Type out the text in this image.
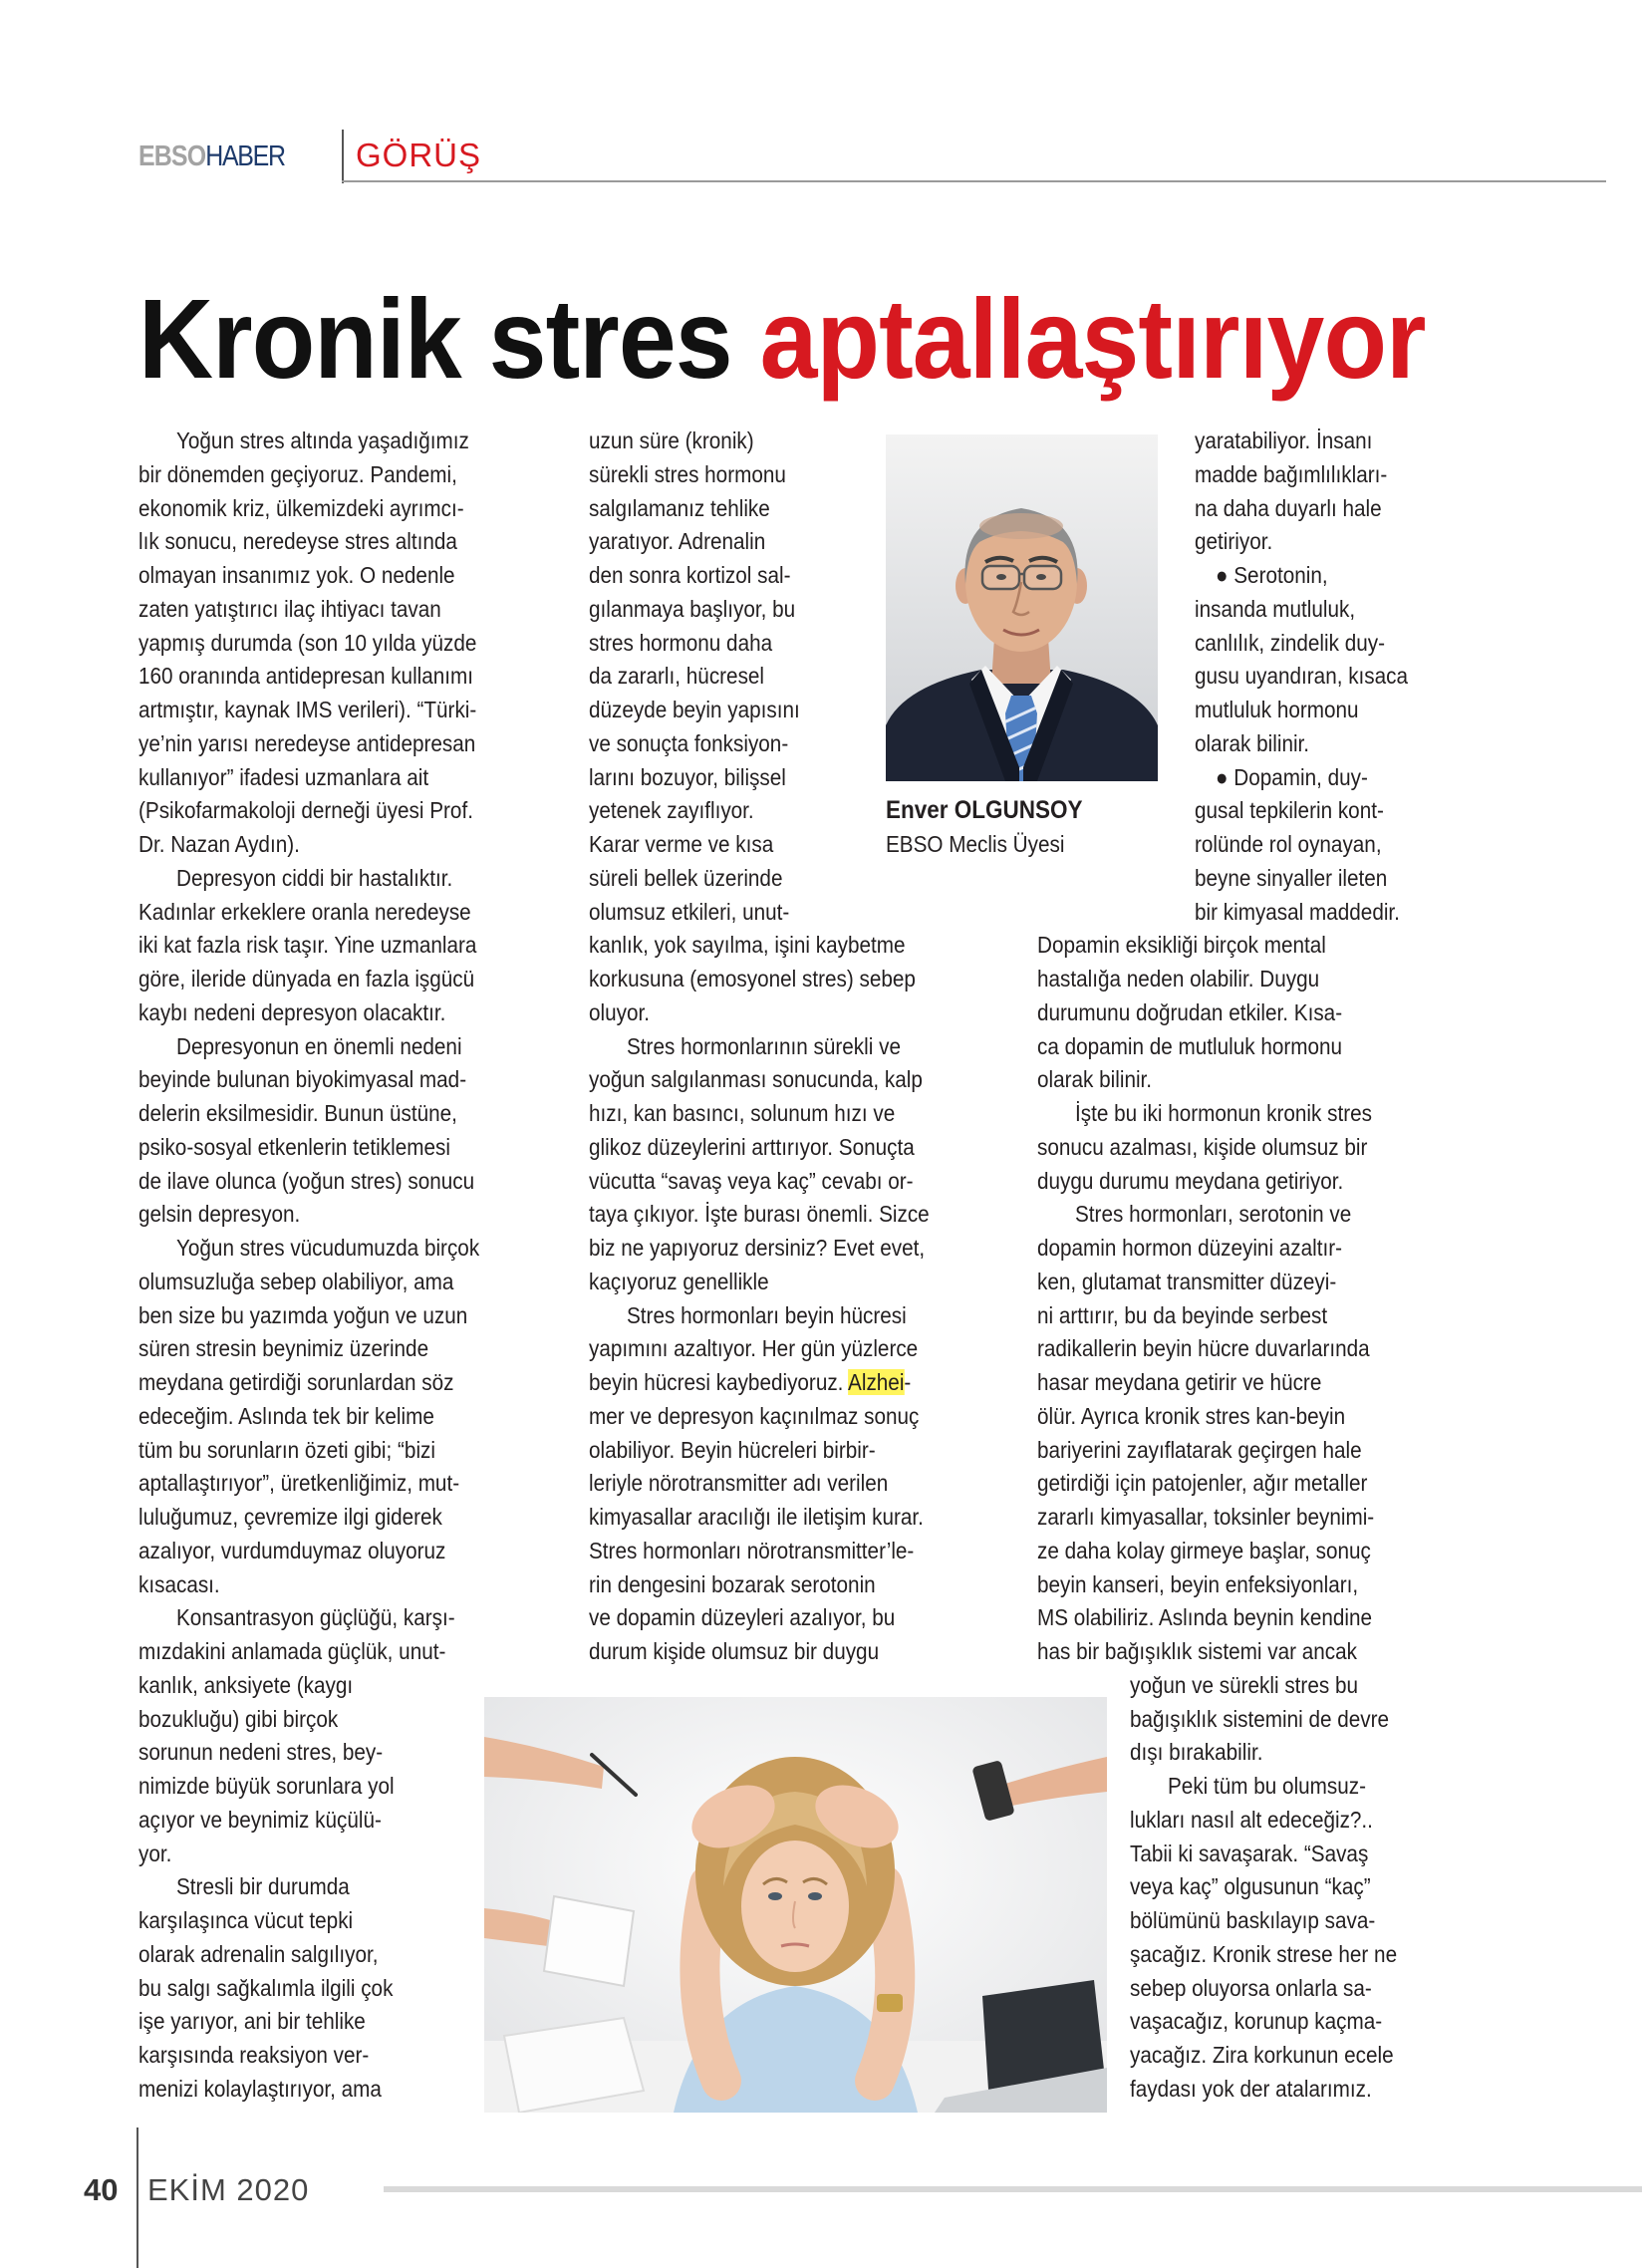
EBSOHABER GÖRÜŞ
Kronik stres aptallaştırıyor
Enver OLGUNSOY
EBSO Meclis Üyesi
40 EKİM 2020
Yoğun stres altında yaşadığımız
bir dönemden geçiyoruz. Pandemi,
ekonomik kriz, ülkemizdeki ayrımcı-
lık sonucu, neredeyse stres altında
olmayan insanımız yok. O nedenle
zaten yatıştırıcı ilaç ihtiyacı tavan
yapmış durumda (son 10 yılda yüzde
160 oranında antidepresan kullanımı
artmıştır, kaynak IMS verileri). “Türki-
ye’nin yarısı neredeyse antidepresan
kullanıyor” ifadesi uzmanlara ait
(Psikofarmakoloji derneği üyesi Prof.
Dr. Nazan Aydın).
Depresyon ciddi bir hastalıktır.
Kadınlar erkeklere oranla neredeyse
iki kat fazla risk taşır. Yine uzmanlara
göre, ileride dünyada en fazla işgücü
kaybı nedeni depresyon olacaktır.
Depresyonun en önemli nedeni
beyinde bulunan biyokimyasal mad-
delerin eksilmesidir. Bunun üstüne,
psiko-sosyal etkenlerin tetiklemesi
de ilave olunca (yoğun stres) sonucu
gelsin depresyon.
Yoğun stres vücudumuzda birçok
olumsuzluğa sebep olabiliyor, ama
ben size bu yazımda yoğun ve uzun
süren stresin beynimiz üzerinde
meydana getirdiği sorunlardan söz
edeceğim. Aslında tek bir kelime
tüm bu sorunların özeti gibi; “bizi
aptallaştırıyor”, üretkenliğimiz, mut-
luluğumuz, çevremize ilgi giderek
azalıyor, vurdumduymaz oluyoruz
kısacası.
Konsantrasyon güçlüğü, karşı-
mızdakini anlamada güçlük, unut-
kanlık, anksiyete (kaygı
bozukluğu) gibi birçok
sorunun nedeni stres, bey-
nimizde büyük sorunlara yol
açıyor ve beynimiz küçülü-
yor.
Stresli bir durumda
karşılaşınca vücut tepki
olarak adrenalin salgılıyor,
bu salgı sağkalımla ilgili çok
işe yarıyor, ani bir tehlike
karşısında reaksiyon ver-
menizi kolaylaştırıyor, ama
uzun süre (kronik)
sürekli stres hormonu
salgılamanız tehlike
yaratıyor. Adrenalin
den sonra kortizol sal-
gılanmaya başlıyor, bu
stres hormonu daha
da zararlı, hücresel
düzeyde beyin yapısını
ve sonuçta fonksiyon-
larını bozuyor, bilişsel
yetenek zayıflıyor.
Karar verme ve kısa
süreli bellek üzerinde
olumsuz etkileri, unut-
kanlık, yok sayılma, işini kaybetme
korkusuna (emosyonel stres) sebep
oluyor.
Stres hormonlarının sürekli ve
yoğun salgılanması sonucunda, kalp
hızı, kan basıncı, solunum hızı ve
glikoz düzeylerini arttırıyor. Sonuçta
vücutta “savaş veya kaç” cevabı or-
taya çıkıyor. İşte burası önemli. Sizce
biz ne yapıyoruz dersiniz? Evet evet,
kaçıyoruz genellikle
Stres hormonları beyin hücresi
yapımını azaltıyor. Her gün yüzlerce
beyin hücresi kaybediyoruz. Alzhei-
mer ve depresyon kaçınılmaz sonuç
olabiliyor. Beyin hücreleri birbir-
leriyle nörotransmitter adı verilen
kimyasallar aracılığı ile iletişim kurar.
Stres hormonları nörotransmitter’le-
rin dengesini bozarak serotonin
ve dopamin düzeyleri azalıyor, bu
durum kişide olumsuz bir duygu
yaratabiliyor. İnsanı
madde bağımlılıkları-
na daha duyarlı hale
getiriyor.
● Serotonin,
insanda mutluluk,
canlılık, zindelik duy-
gusu uyandıran, kısaca
mutluluk hormonu
olarak bilinir.
● Dopamin, duy-
gusal tepkilerin kont-
rolünde rol oynayan,
beyne sinyaller ileten
bir kimyasal maddedir.
Dopamin eksikliği birçok mental
hastalığa neden olabilir. Duygu
durumunu doğrudan etkiler. Kısa-
ca dopamin de mutluluk hormonu
olarak bilinir.
İşte bu iki hormonun kronik stres
sonucu azalması, kişide olumsuz bir
duygu durumu meydana getiriyor.
Stres hormonları, serotonin ve
dopamin hormon düzeyini azaltır-
ken, glutamat transmitter düzeyi-
ni arttırır, bu da beyinde serbest
radikallerin beyin hücre duvarlarında
hasar meydana getirir ve hücre
ölür. Ayrıca kronik stres kan-beyin
bariyerini zayıflatarak geçirgen hale
getirdiği için patojenler, ağır metaller
zararlı kimyasallar, toksinler beynimi-
ze daha kolay girmeye başlar, sonuç
beyin kanseri, beyin enfeksiyonları,
MS olabiliriz. Aslında beynin kendine
has bir bağışıklık sistemi var ancak
yoğun ve sürekli stres bu
bağışıklık sistemini de devre
dışı bırakabilir.
Peki tüm bu olumsuz-
lukları nasıl alt edeceğiz?..
Tabii ki savaşarak. “Savaş
veya kaç” olgusunun “kaç”
bölümünü baskılayıp sava-
şacağız. Kronik strese her ne
sebep oluyorsa onlarla sa-
vaşacağız, korunup kaçma-
yacağız. Zira korkunun ecele
faydası yok der atalarımız.
